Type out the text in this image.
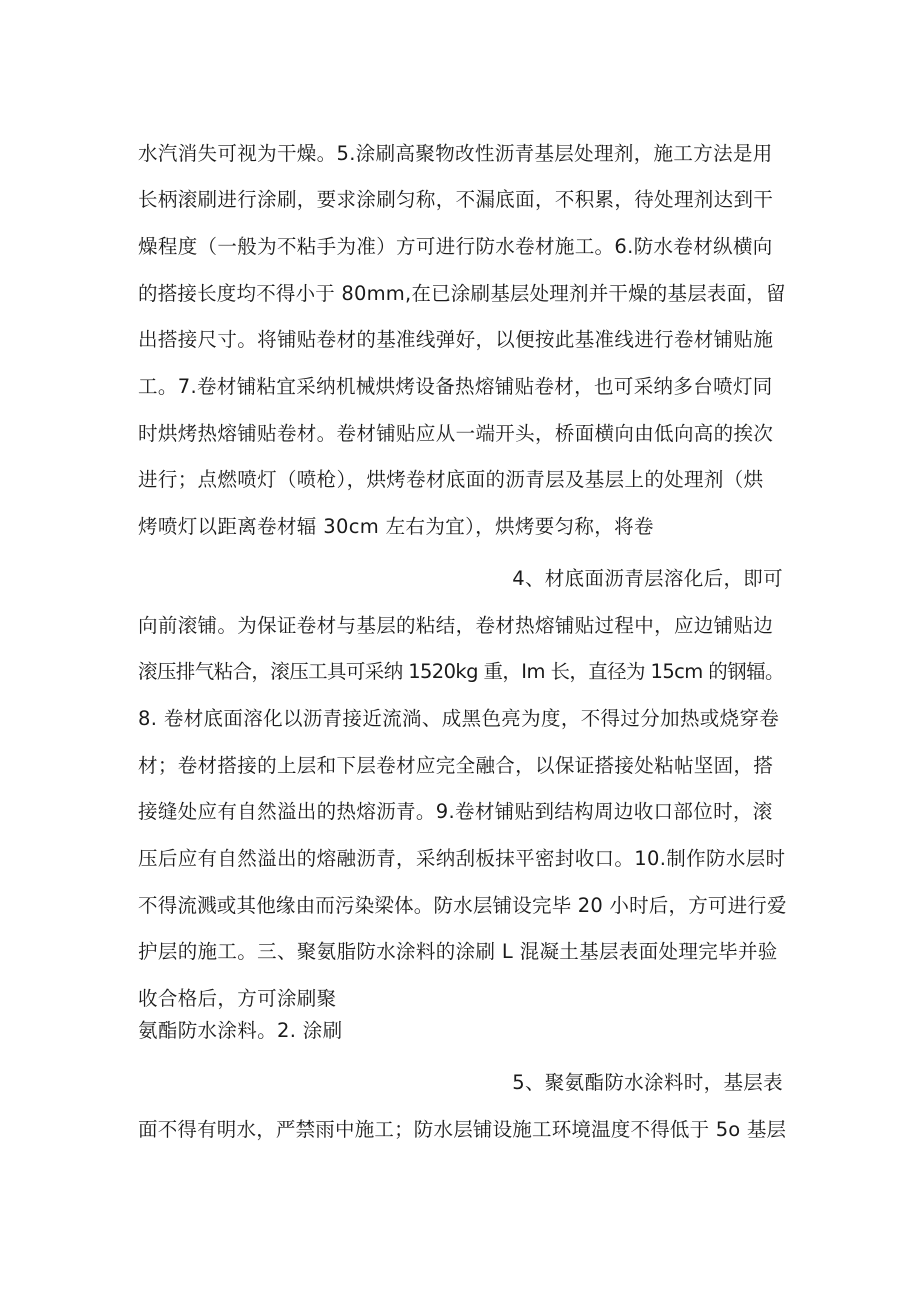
水汽消失可视为干燥。5.涂刷高聚物改性沥青基层处理剂，施工方法是用
长柄滚刷进行涂刷，要求涂刷匀称，不漏底面，不积累，待处理剂达到干
燥程度（一般为不粘手为准）方可进行防水卷材施工。6.防水卷材纵横向
的搭接长度均不得小于 80mm,在已涂刷基层处理剂并干燥的基层表面，留
出搭接尺寸。将铺贴卷材的基准线弹好，以便按此基准线进行卷材铺贴施
工。7.卷材铺粘宜采纳机械烘烤设备热熔铺贴卷材，也可采纳多台喷灯同
时烘烤热熔铺贴卷材。卷材铺贴应从一端开头，桥面横向由低向高的挨次
进行；点燃喷灯（喷枪），烘烤卷材底面的沥青层及基层上的处理剂（烘
烤喷灯以距离卷材辐 30cm 左右为宜），烘烤要匀称，将卷
4、材底面沥青层溶化后，即可
向前滚铺。为保证卷材与基层的粘结，卷材热熔铺贴过程中，应边铺贴边
滚压排气粘合，滚压工具可采纳 1520kg 重，Im 长，直径为 15cm 的钢辐。
8. 卷材底面溶化以沥青接近流淌、成黑色亮为度，不得过分加热或烧穿卷
材；卷材搭接的上层和下层卷材应完全融合，以保证搭接处粘帖坚固，搭
接缝处应有自然溢出的热熔沥青。9.卷材铺贴到结构周边收口部位时，滚
压后应有自然溢出的熔融沥青，采纳刮板抹平密封收口。10.制作防水层时
不得流溅或其他缘由而污染梁体。防水层铺设完毕 20 小时后，方可进行爱
护层的施工。三、聚氨脂防水涂料的涂刷 L 混凝土基层表面处理完毕并验
收合格后，方可涂刷聚
氨酯防水涂料。2. 涂刷
5、聚氨酯防水涂料时，基层表
面不得有明水，严禁雨中施工；防水层铺设施工环境温度不得低于 5o 基层
